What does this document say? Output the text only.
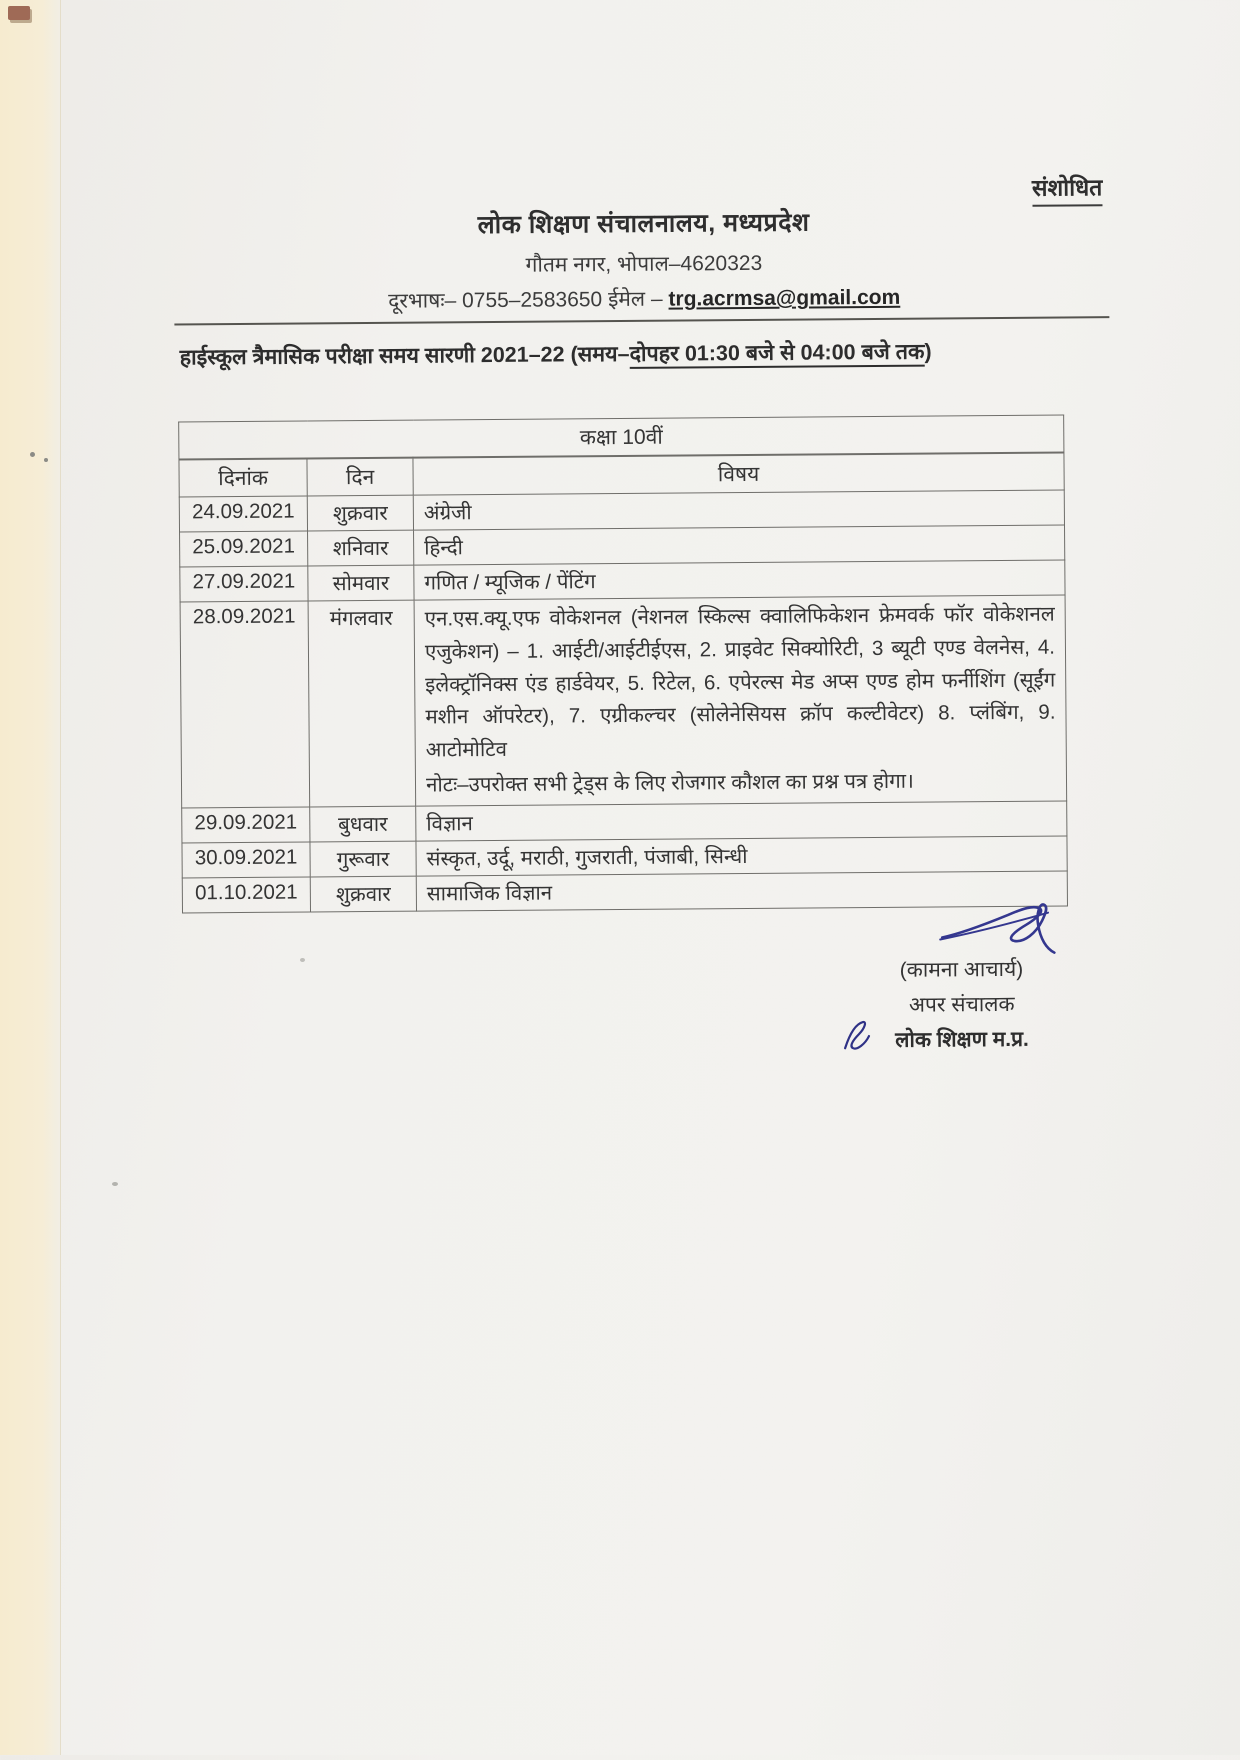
संशोधित
लोक शिक्षण संचालनालय, मध्यप्रदेश
गौतम नगर, भोपाल–4620323
दूरभाषः– 0755–2583650 ईमेल – trg.acrmsa@gmail.com
हाईस्कूल त्रैमासिक परीक्षा समय सारणी 2021–22 (समय–दोपहर 01:30 बजे से 04:00 बजे तक)
कक्षा 10वीं		
दिनांक	दिन	विषय
24.09.2021	शुक्रवार	अंग्रेजी
25.09.2021	शनिवार	हिन्दी
27.09.2021	सोमवार	गणित / म्यूजिक / पेंटिंग
28.09.2021	मंगलवार	एन.एस.क्यू.एफ वोकेशनल (नेशनल स्किल्स क्वालिफिकेशन फ्रेमवर्क फॉर वोकेशनल एजुकेशन) – 1. आईटी/आईटीईएस, 2. प्राइवेट सिक्योरिटी, 3 ब्यूटी एण्ड वेलनेस, 4. इलेक्ट्रॉनिक्स एंड हार्डवेयर, 5. रिटेल, 6. एपेरल्स मेड अप्स एण्ड होम फर्नीशिंग (सूईंग मशीन ऑपरेटर), 7. एग्रीकल्चर (सोलेनेसियस क्रॉप कल्टीवेटर) 8. प्लंबिंग, 9. आटोमोटिव
नोटः–उपरोक्त सभी ट्रेड्स के लिए रोजगार कौशल का प्रश्न पत्र होगा।

29.09.2021	बुधवार	विज्ञान
30.09.2021	गुरूवार	संस्कृत, उर्दू, मराठी, गुजराती, पंजाबी, सिन्धी
01.10.2021	शुक्रवार	सामाजिक विज्ञान
(कामना आचार्य)
अपर संचालक
लोक शिक्षण म.प्र.
